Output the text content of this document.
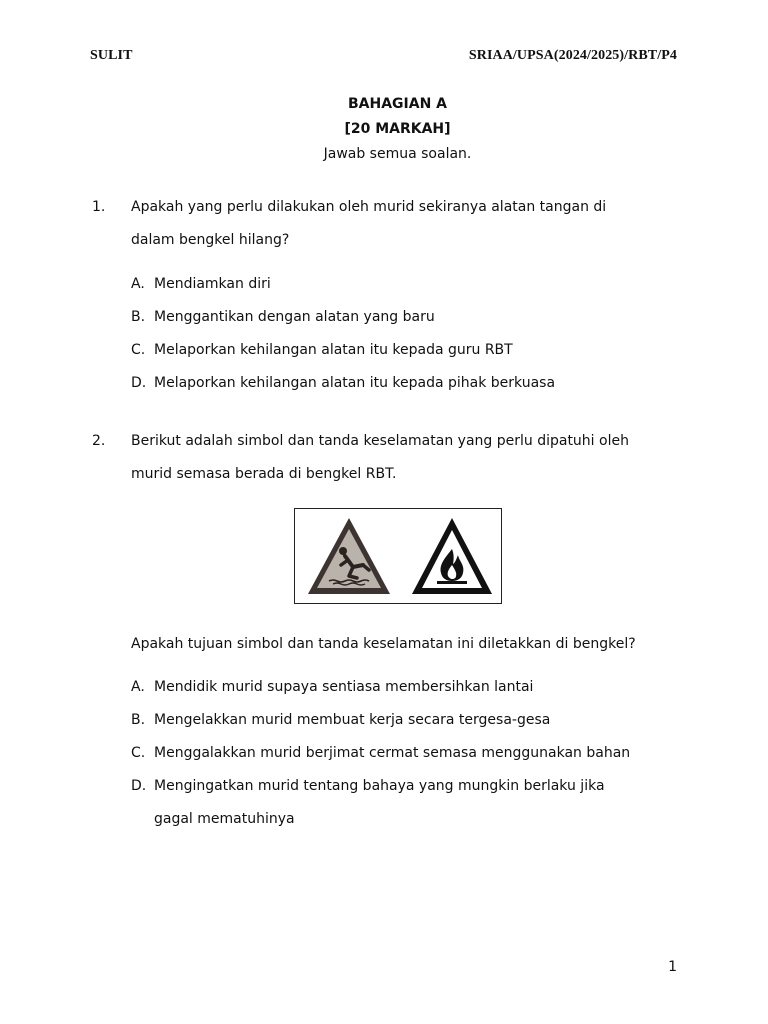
SULIT	SRIAA/UPSA(2024/2025)/RBT/P4
BAHAGIAN A
[20 MARKAH]
Jawab semua soalan.
1. Apakah yang perlu dilakukan oleh murid sekiranya alatan tangan di
dalam bengkel hilang?
A. Mendiamkan diri
B. Menggantikan dengan alatan yang baru
C. Melaporkan kehilangan alatan itu kepada guru RBT
D. Melaporkan kehilangan alatan itu kepada pihak berkuasa
2. Berikut adalah simbol dan tanda keselamatan yang perlu dipatuhi oleh
murid semasa berada di bengkel RBT.
Apakah tujuan simbol dan tanda keselamatan ini diletakkan di bengkel?
A. Mendidik murid supaya sentiasa membersihkan lantai
B. Mengelakkan murid membuat kerja secara tergesa-gesa
C. Menggalakkan murid berjimat cermat semasa menggunakan bahan
D. Mengingatkan murid tentang bahaya yang mungkin berlaku jika
gagal mematuhinya
1
